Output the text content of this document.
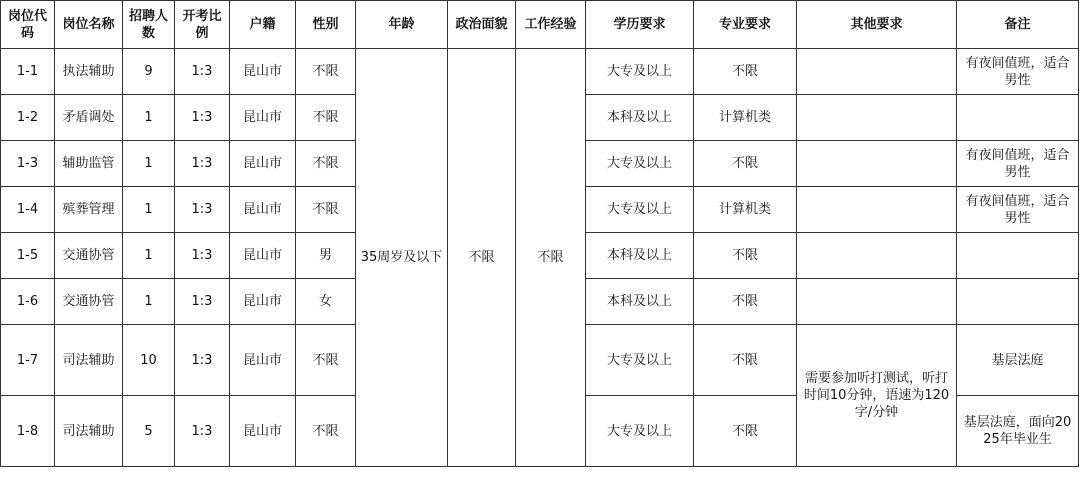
岗位代码	岗位名称	招聘人数	开考比例	户籍	性别	年龄	政治面貌	工作经验	学历要求	专业要求	其他要求	备注
1-1	执法辅助	9	1:3	昆山市	不限	35周岁及以下	不限	不限	大专及以上	不限		有夜间值班，适合男性
1-2	矛盾调处	1	1:3	昆山市	不限				本科及以上	计算机类		
1-3	辅助监管	1	1:3	昆山市	不限				大专及以上	不限		有夜间值班，适合男性
1-4	殡葬管理	1	1:3	昆山市	不限				大专及以上	计算机类		有夜间值班，适合男性
1-5	交通协管	1	1:3	昆山市	男				本科及以上	不限		
1-6	交通协管	1	1:3	昆山市	女				本科及以上	不限		
1-7	司法辅助	10	1:3	昆山市	不限				大专及以上	不限	需要参加听打测试，听打时间10分钟，语速为120字/分钟	基层法庭
1-8	司法辅助	5	1:3	昆山市	不限				大专及以上	不限		基层法庭，面向2025年毕业生
